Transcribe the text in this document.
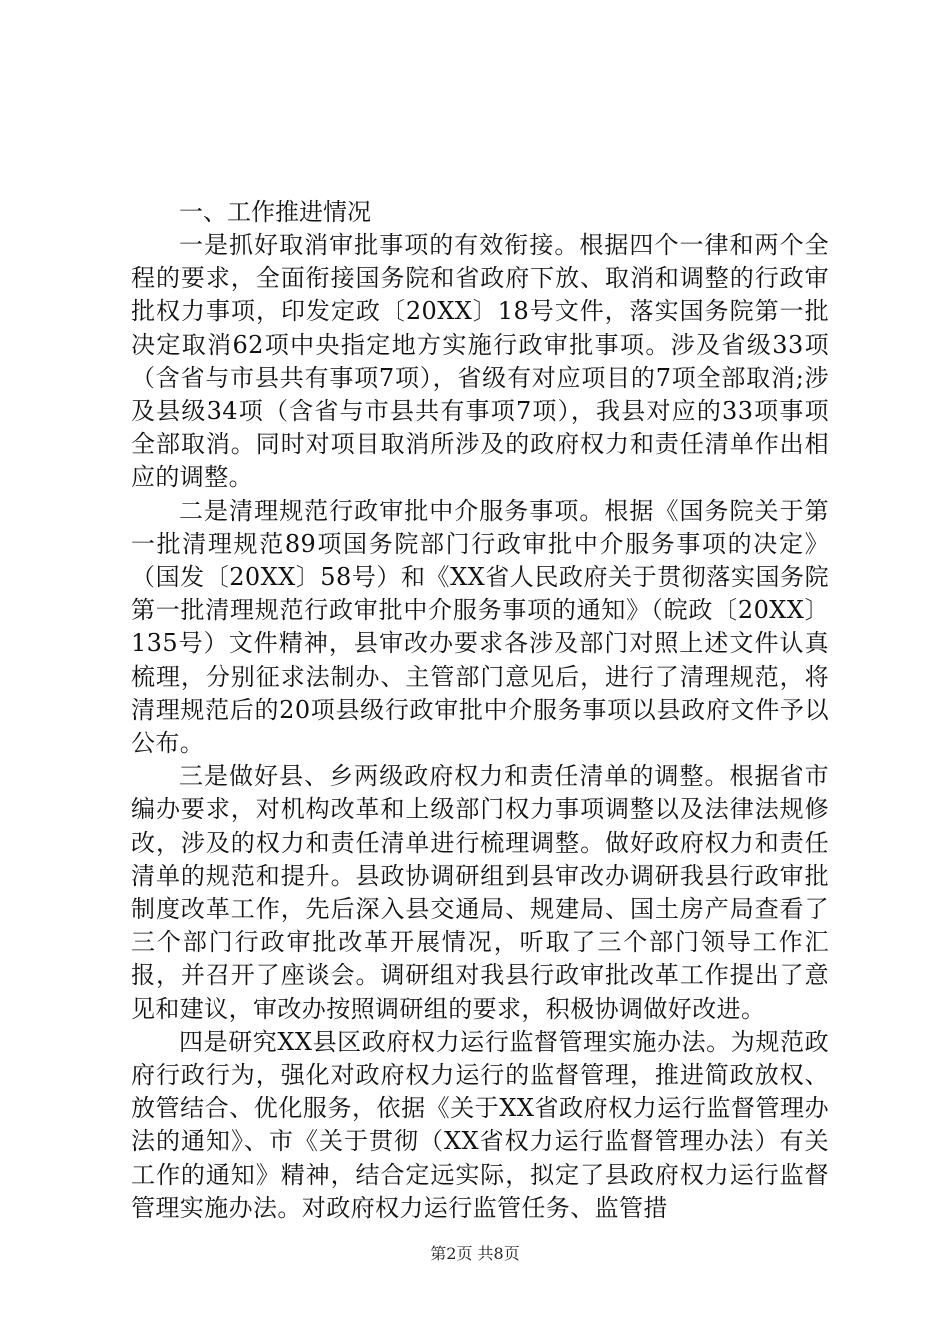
一、工作推进情况

一是抓好取消审批事项的有效衔接。根据四个一律和两个全程的要求，全面衔接国务院和省政府下放、取消和调整的行政审批权力事项，印发定政〔20XX〕18号文件，落实国务院第一批决定取消62项中央指定地方实施行政审批事项。涉及省级33项（含省与市县共有事项7项），省级有对应项目的7项全部取消;涉及县级34项（含省与市县共有事项7项），我县对应的33项事项全部取消。同时对项目取消所涉及的政府权力和责任清单作出相应的调整。

二是清理规范行政审批中介服务事项。根据《国务院关于第一批清理规范89项国务院部门行政审批中介服务事项的决定》（国发〔20XX〕58号）和《XX省人民政府关于贯彻落实国务院第一批清理规范行政审批中介服务事项的通知》（皖政〔20XX〕135号）文件精神，县审改办要求各涉及部门对照上述文件认真梳理，分别征求法制办、主管部门意见后，进行了清理规范，将清理规范后的20项县级行政审批中介服务事项以县政府文件予以公布。

三是做好县、乡两级政府权力和责任清单的调整。根据省市编办要求，对机构改革和上级部门权力事项调整以及法律法规修改，涉及的权力和责任清单进行梳理调整。做好政府权力和责任清单的规范和提升。县政协调研组到县审改办调研我县行政审批制度改革工作，先后深入县交通局、规建局、国土房产局查看了三个部门行政审批改革开展情况，听取了三个部门领导工作汇报，并召开了座谈会。调研组对我县行政审批改革工作提出了意见和建议，审改办按照调研组的要求，积极协调做好改进。

四是研究XX县区政府权力运行监督管理实施办法。为规范政府行政行为，强化对政府权力运行的监督管理，推进简政放权、放管结合、优化服务，依据《关于XX省政府权力运行监督管理办法的通知》、市《关于贯彻（XX省权力运行监督管理办法）有关工作的通知》精神，结合定远实际，拟定了县政府权力运行监督管理实施办法。对政府权力运行监管任务、监管措

第2页 共8页
